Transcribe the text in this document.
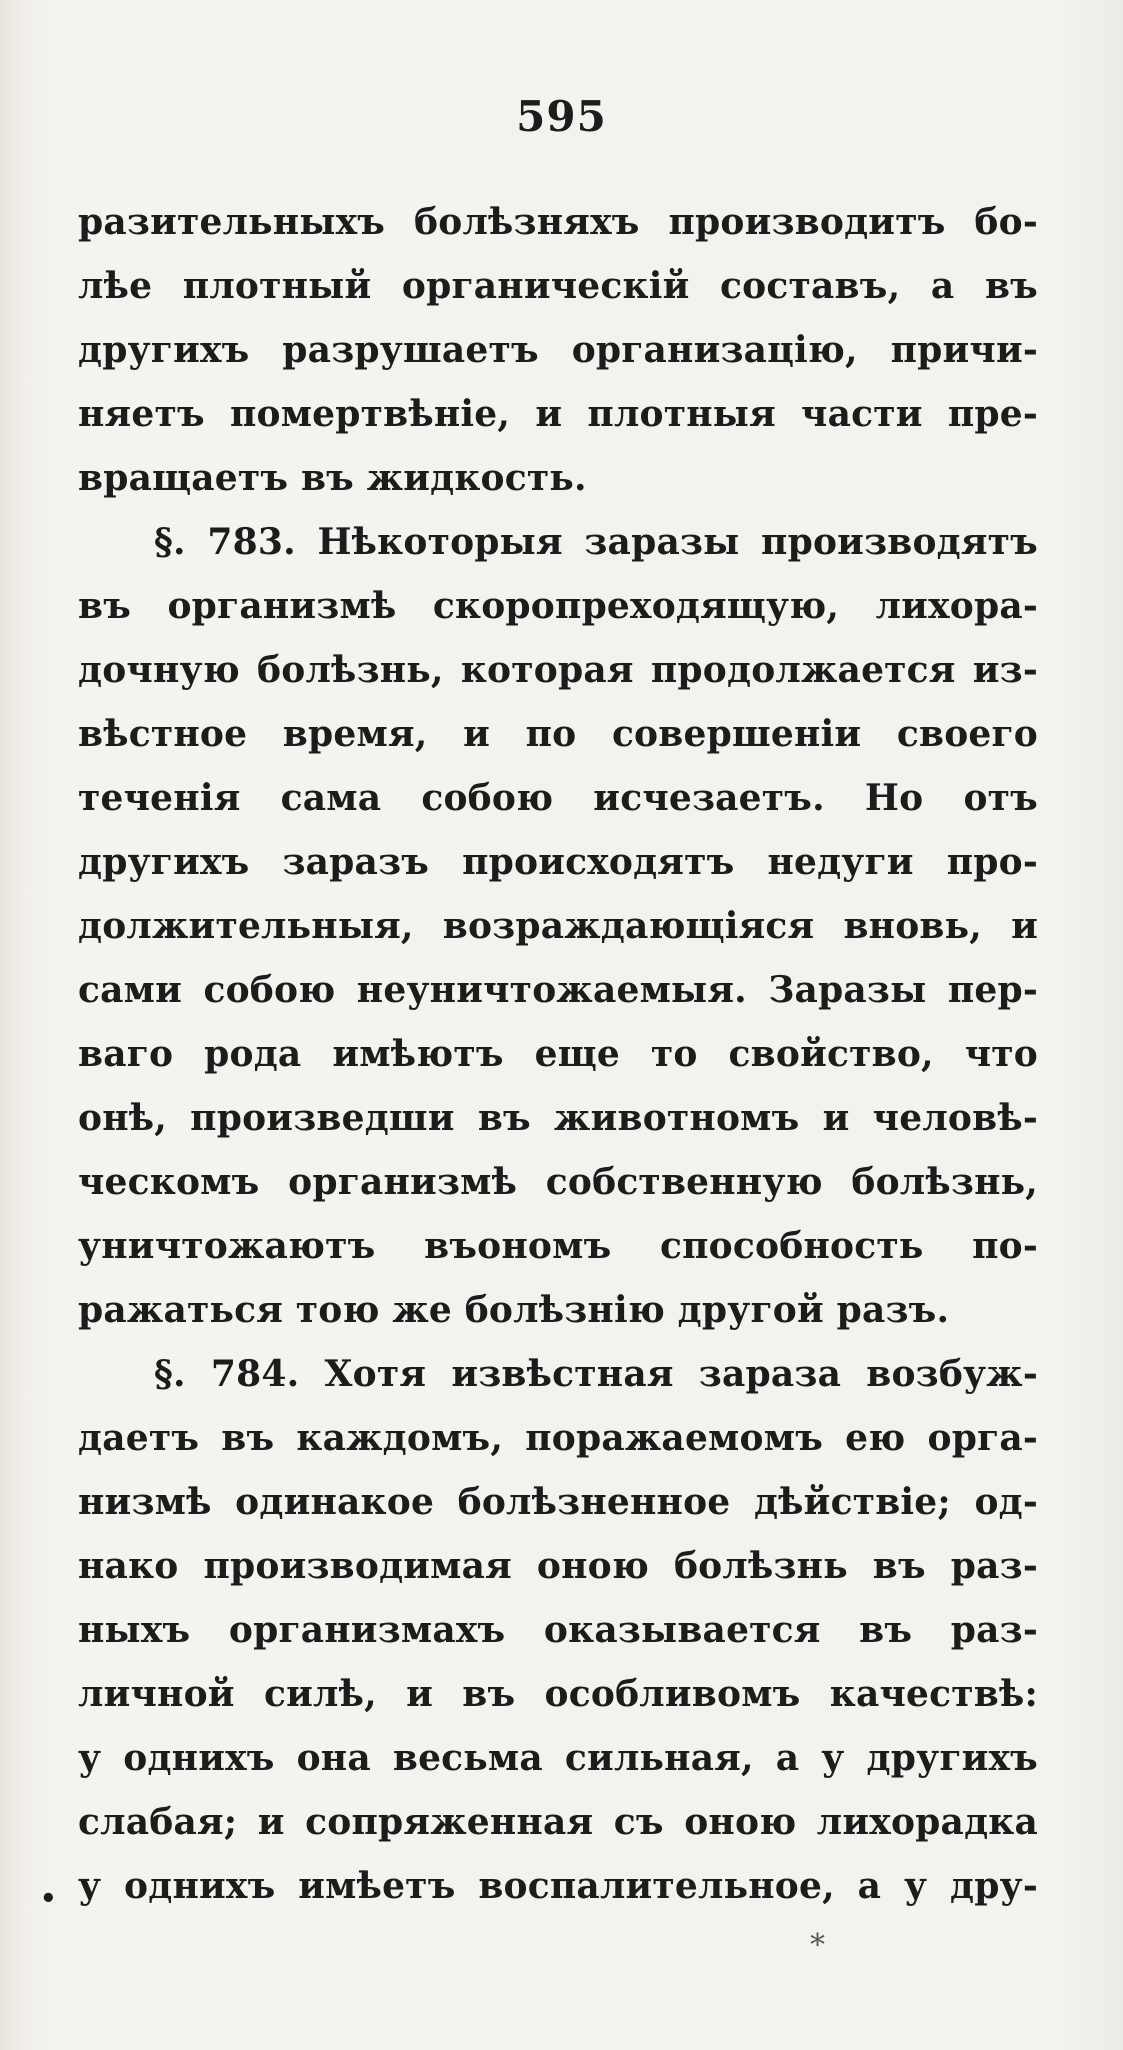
595
разительныхъ болѣзняхъ производитъ бо-
лѣе плотный органическій составъ, а въ
другихъ разрушаетъ организацію, причи-
няетъ помертвѣніе, и плотныя части пре-
вращаетъ въ жидкость.
§. 783. Нѣкоторыя заразы производятъ
въ организмѣ скоропреходящую, лихора-
дочную болѣзнь, которая продолжается из-
вѣстное время, и по совершеніи своего
теченія сама собою исчезаетъ. Но отъ
другихъ заразъ происходятъ недуги про-
должительныя, возраждающіяся вновь, и
сами собою неуничтожаемыя. Заразы пер-
ваго рода имѣютъ еще то свойство, что
онѣ, произведши въ животномъ и человѣ-
ческомъ организмѣ собственную болѣзнь,
уничтожаютъ въономъ способность по-
ражаться тою же болѣзнію другой разъ.
§. 784. Хотя извѣстная зараза возбуж-
даетъ въ каждомъ, поражаемомъ ею орга-
низмѣ одинакое болѣзненное дѣйствіе; од-
нако производимая оною болѣзнь въ раз-
ныхъ организмахъ оказывается въ раз-
личной силѣ, и въ особливомъ качествѣ:
у однихъ она весьма сильная, а у другихъ
слабая; и сопряженная съ оною лихорадка
у однихъ имѣетъ воспалительное, а у дру-
•
*
